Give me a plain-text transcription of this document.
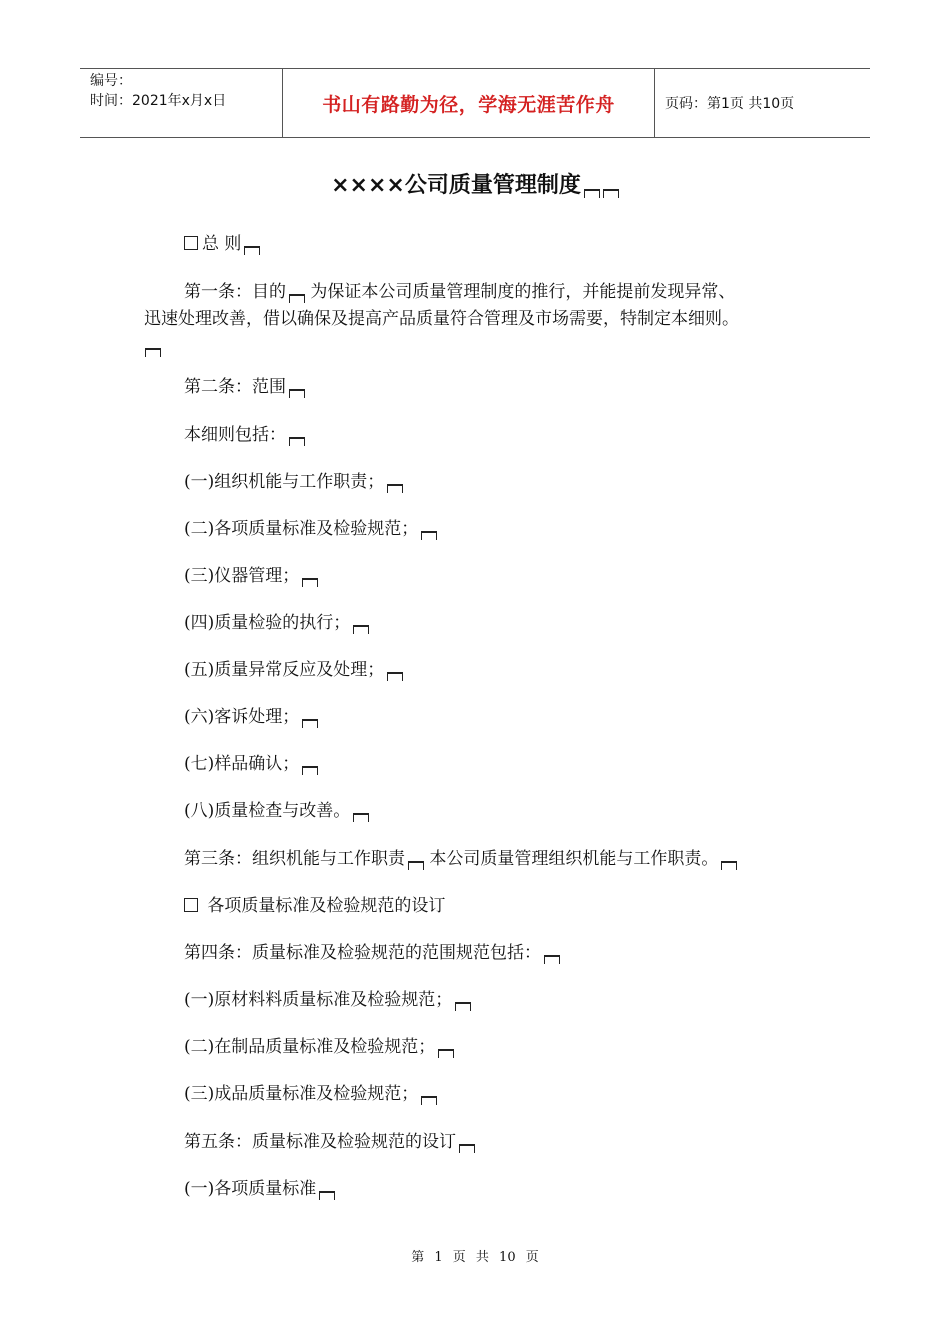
编号：
时间：2021年x月x日	书山有路勤为径，学海无涯苦作舟	页码：第1页 共10页
××××公司质量管理制度
总 则
第一条：目的 为保证本公司质量管理制度的推行，并能提前发现异常、
迅速处理改善，借以确保及提高产品质量符合管理及市场需要，特制定本细则。
第二条：范围
本细则包括：
(一)组织机能与工作职责；
(二)各项质量标准及检验规范；
(三)仪器管理；
(四)质量检验的执行；
(五)质量异常反应及处理；
(六)客诉处理；
(七)样品确认；
(八)质量检查与改善。
第三条：组织机能与工作职责 本公司质量管理组织机能与工作职责。
各项质量标准及检验规范的设订
第四条：质量标准及检验规范的范围规范包括：
(一)原材料料质量标准及检验规范；
(二)在制品质量标准及检验规范；
(三)成品质量标准及检验规范；
第五条：质量标准及检验规范的设订
(一)各项质量标准
第 1 页 共 10 页
